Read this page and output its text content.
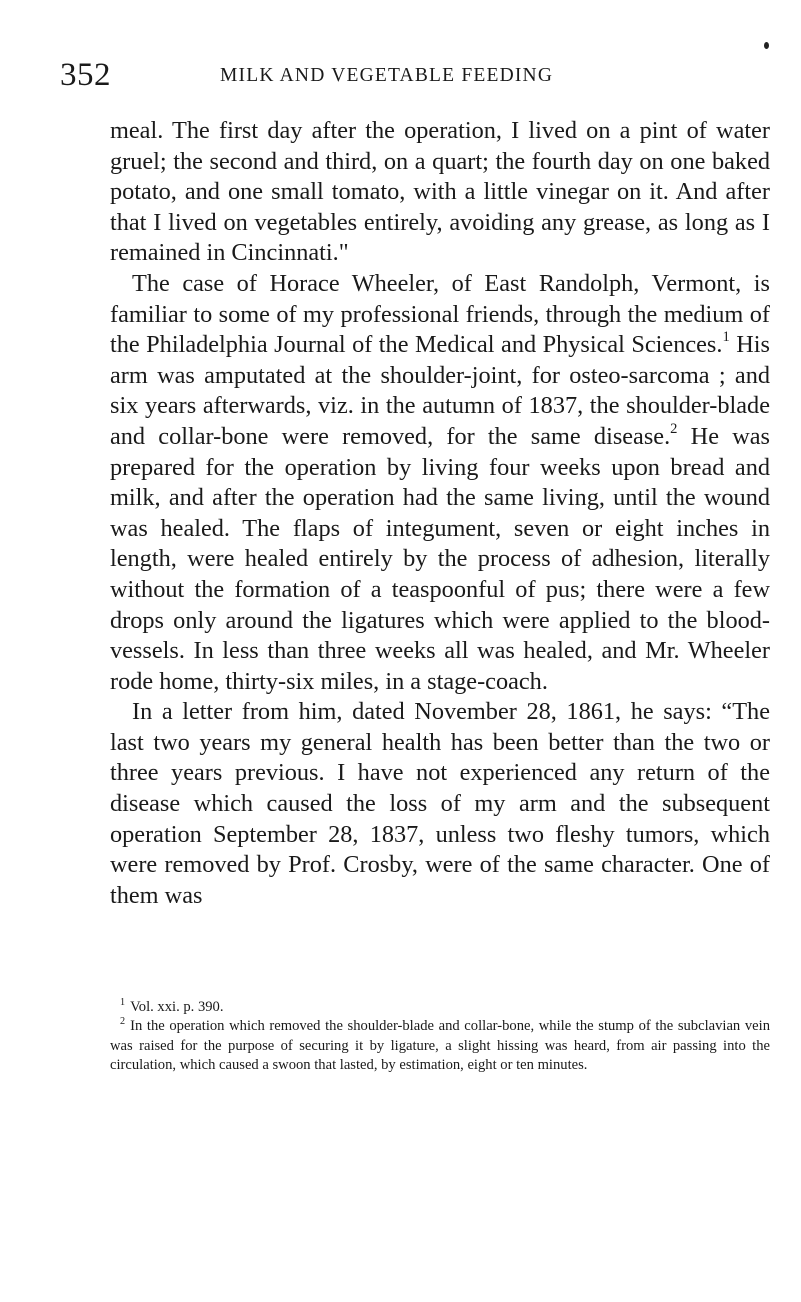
352	MILK AND VEGETABLE FEEDING

meal. The first day after the operation, I lived on a pint of water gruel; the second and third, on a quart; the fourth day on one baked potato, and one small tomato, with a little vinegar on it. And after that I lived on vegetables entirely, avoiding any grease, as long as I remained in Cincinnati."

The case of Horace Wheeler, of East Randolph, Vermont, is familiar to some of my professional friends, through the medium of the Philadelphia Journal of the Medical and Physical Sciences.$^1$ His arm was amputated at the shoulder-joint, for osteo-sarcoma ; and six years afterwards, viz. in the autumn of 1837, the shoulder-blade and collar-bone were removed, for the same disease.$^2$ He was prepared for the operation by living four weeks upon bread and milk, and after the operation had the same living, until the wound was healed. The flaps of integument, seven or eight inches in length, were healed entirely by the process of adhesion, literally without the formation of a teaspoonful of pus; there were a few drops only around the ligatures which were applied to the blood-vessels. In less than three weeks all was healed, and Mr. Wheeler rode home, thirty-six miles, in a stage-coach.

In a letter from him, dated November 28, 1861, he says: “The last two years my general health has been better than the two or three years previous. I have not experienced any return of the disease which caused the loss of my arm and the subsequent operation September 28, 1837, unless two fleshy tumors, which were removed by Prof. Crosby, were of the same character. One of them was

$^1$ Vol. xxi. p. 390.

$^2$ In the operation which removed the shoulder-blade and collar-bone, while the stump of the subclavian vein was raised for the purpose of securing it by ligature, a slight hissing was heard, from air passing into the circulation, which caused a swoon that lasted, by estimation, eight or ten minutes.
